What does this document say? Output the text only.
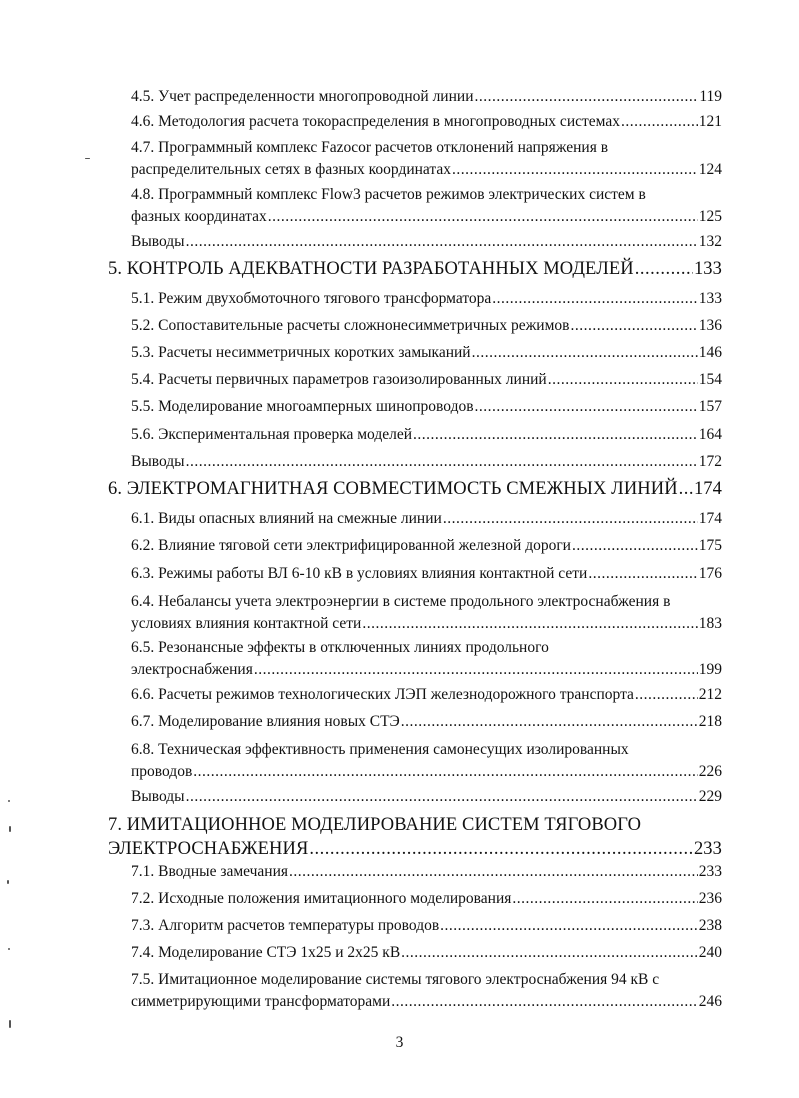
4.5. Учет распределенности многопроводной линии .....	119
4.6. Методология расчета токораспределения в многопроводных системах .....	121
4.7. Программный комплекс Fazocor расчетов отклонений напряжения в
распределительных сетях в фазных координатах .....	124
4.8. Программный комплекс Flow3 расчетов режимов электрических систем в
фазных координатах .....	125
Выводы .....	132
5. КОНТРОЛЬ АДЕКВАТНОСТИ РАЗРАБОТАННЫХ МОДЕЛЕЙ .....	133
5.1. Режим двухобмоточного тягового трансформатора .....	133
5.2. Сопоставительные расчеты сложнонесимметричных режимов .....	136
5.3. Расчеты несимметричных коротких замыканий .....	146
5.4. Расчеты первичных параметров газоизолированных линий .....	154
5.5. Моделирование многоамперных шинопроводов .....	157
5.6. Экспериментальная проверка моделей .....	164
Выводы .....	172
6. ЭЛЕКТРОМАГНИТНАЯ СОВМЕСТИМОСТЬ СМЕЖНЫХ ЛИНИЙ ..... 174
6.1. Виды опасных влияний на смежные линии .....	174
6.2. Влияние тяговой сети электрифицированной железной дороги .....	175
6.3. Режимы работы ВЛ 6-10 кВ в условиях влияния контактной сети .....	176
6.4. Небалансы учета электроэнергии в системе продольного электроснабжения в
условиях влияния контактной сети .....	183
6.5. Резонансные эффекты в отключенных линиях продольного
электроснабжения .....	199
6.6. Расчеты режимов технологических ЛЭП железнодорожного транспорта .....	212
6.7. Моделирование влияния новых СТЭ .....	218
6.8. Техническая эффективность применения самонесущих изолированных
проводов .....	226
Выводы .....	229
7. ИМИТАЦИОННОЕ МОДЕЛИРОВАНИЕ СИСТЕМ ТЯГОВОГО
ЭЛЕКТРОСНАБЖЕНИЯ .....	233
7.1. Вводные замечания .....	233
7.2. Исходные положения имитационного моделирования .....	236
7.3. Алгоритм расчетов температуры проводов .....	238
7.4. Моделирование СТЭ 1х25 и 2х25 кВ .....	240
7.5. Имитационное моделирование системы тягового электроснабжения 94 кВ с
симметрирующими трансформаторами .....	246
3
